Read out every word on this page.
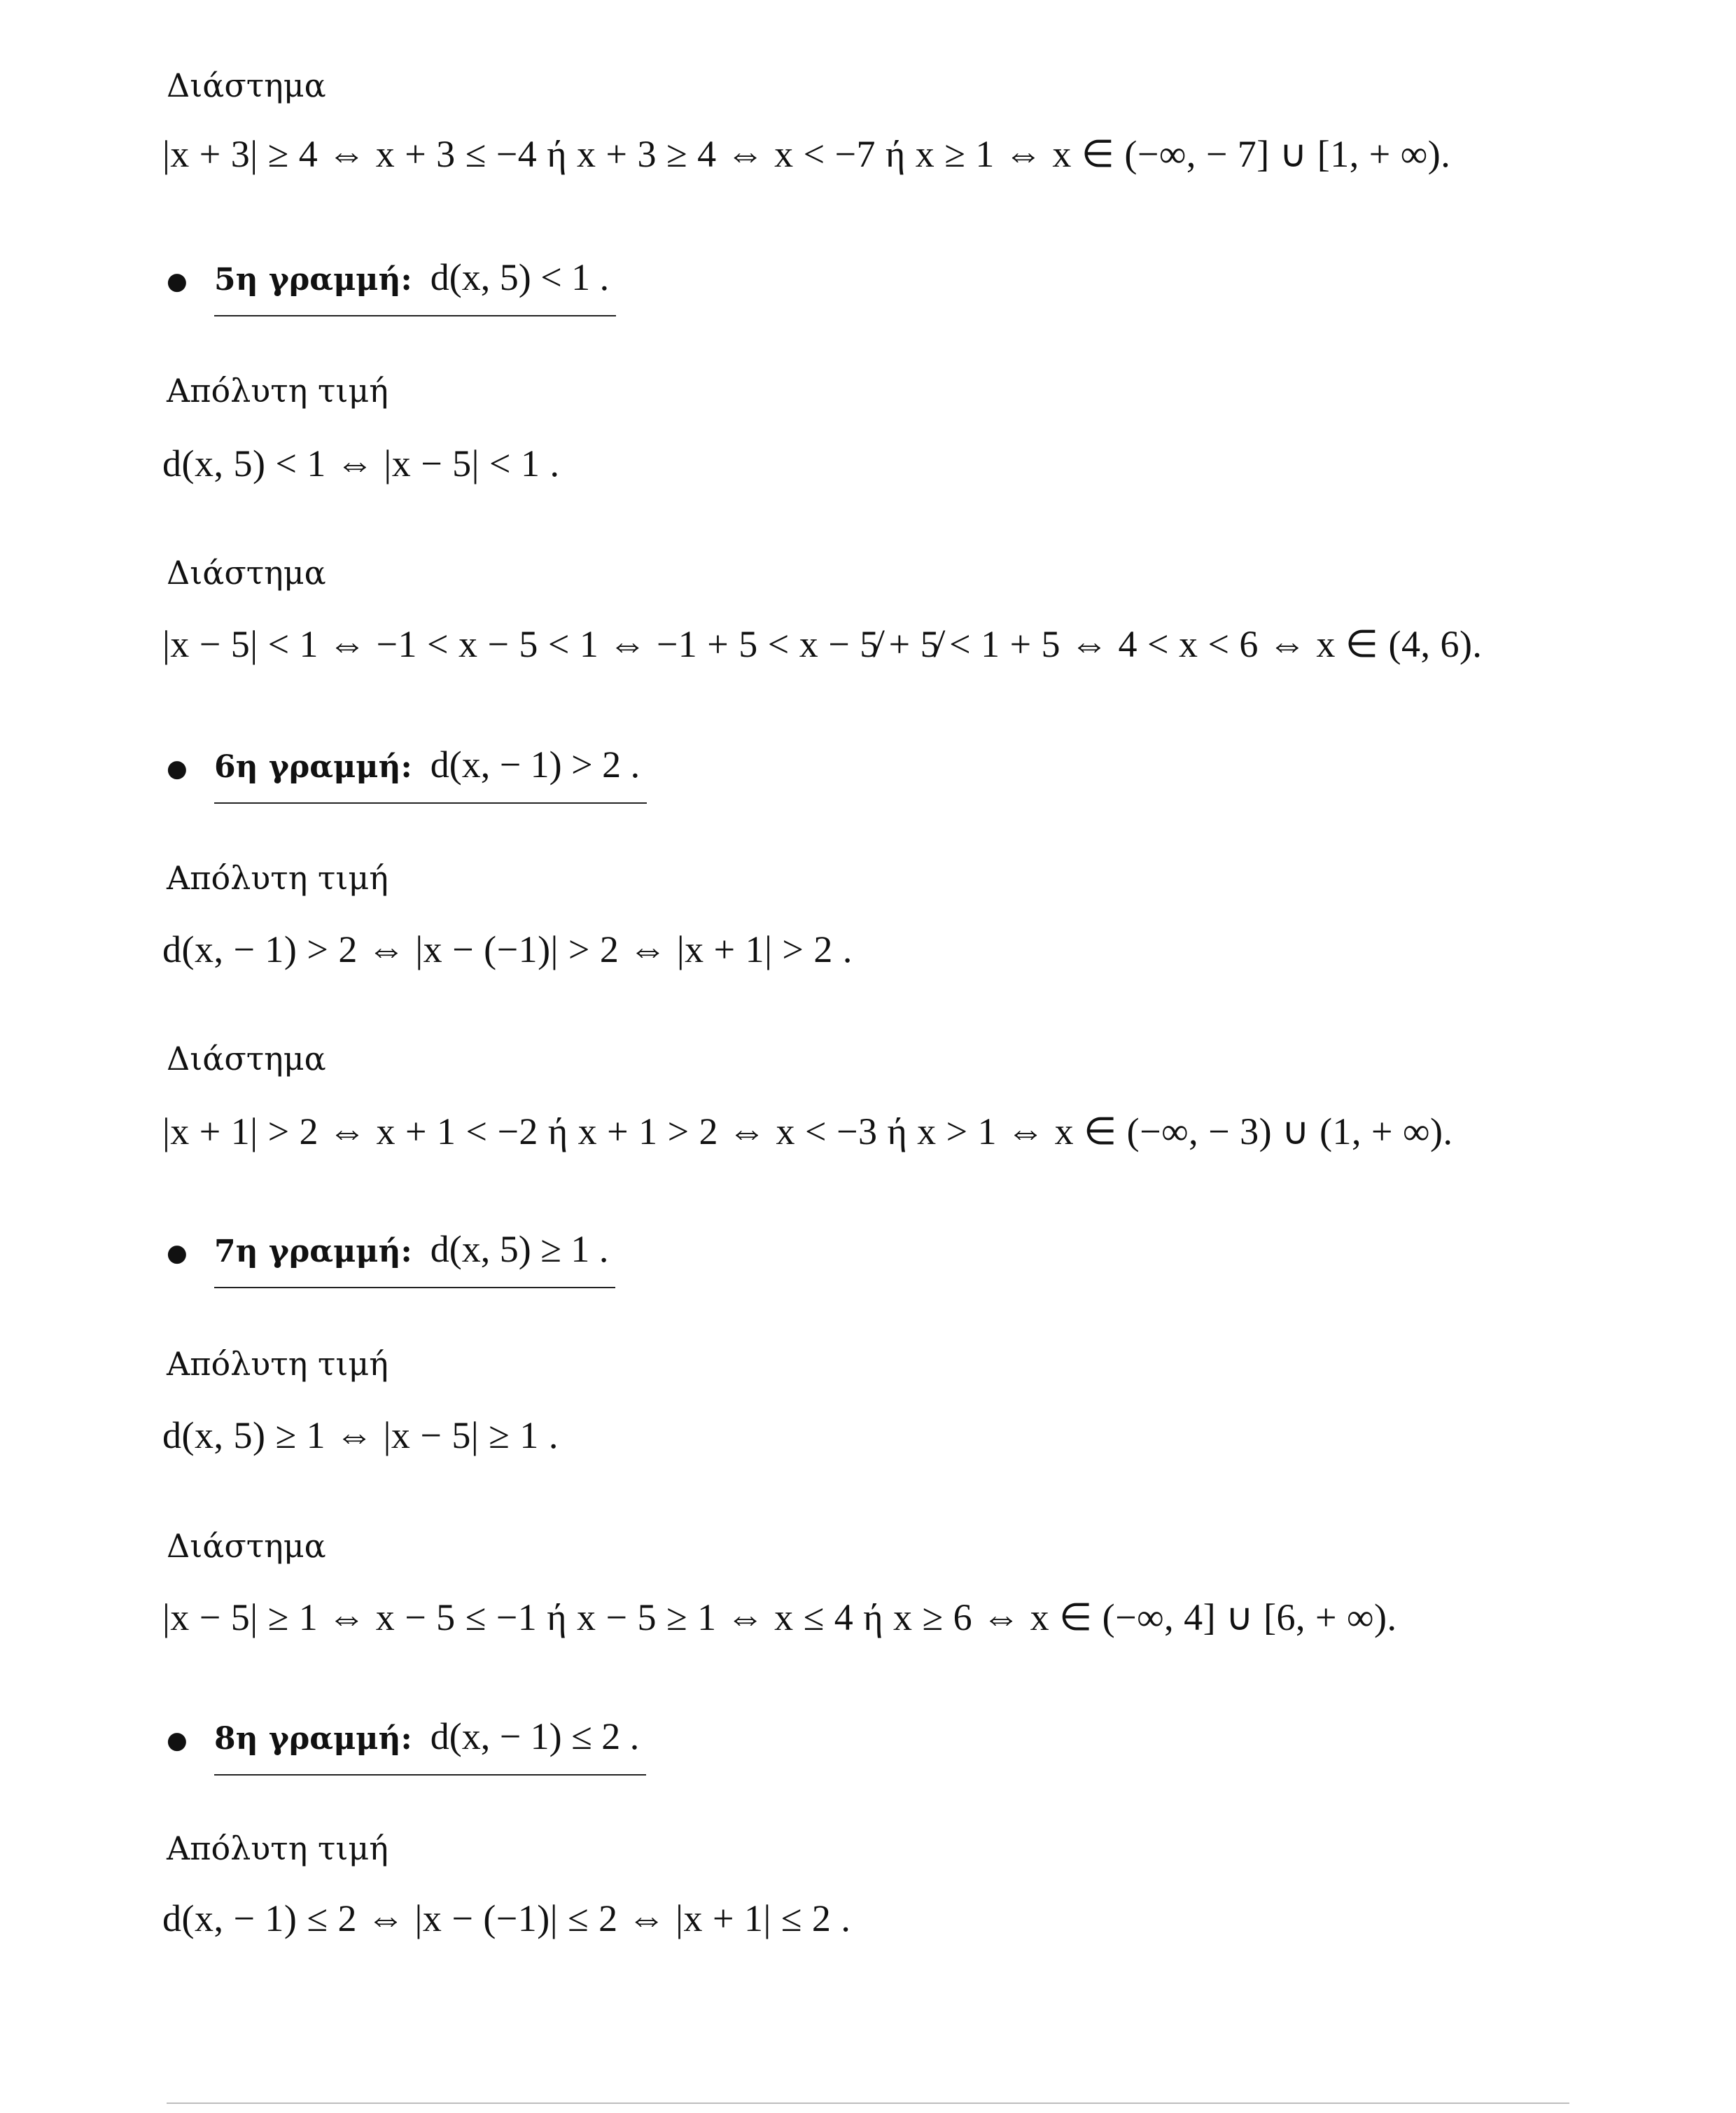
Διάστημα
|x + 3| ≥ 4 ⇔ x + 3 ≤ −4 ή x + 3 ≥ 4 ⇔ x < −7 ή x ≥ 1 ⇔ x ∈ (−∞, − 7] ∪ [1, + ∞).
● 5η γραμμή: d(x, 5) < 1 .
Απόλυτη τιμή
d(x, 5) < 1 ⇔ |x − 5| < 1 .
Διάστημα
|x − 5| < 1 ⇔ −1 < x − 5 < 1 ⇔ −1 + 5 < x − 5̸ + 5̸ < 1 + 5 ⇔ 4 < x < 6 ⇔ x ∈ (4, 6).
● 6η γραμμή: d(x, − 1) > 2 .
Απόλυτη τιμή
d(x, − 1) > 2 ⇔ |x − (−1)| > 2 ⇔ |x + 1| > 2 .
Διάστημα
|x + 1| > 2 ⇔ x + 1 < −2 ή x + 1 > 2 ⇔ x < −3 ή x > 1 ⇔ x ∈ (−∞, − 3) ∪ (1, + ∞).
● 7η γραμμή: d(x, 5) ≥ 1 .
Απόλυτη τιμή
d(x, 5) ≥ 1 ⇔ |x − 5| ≥ 1 .
Διάστημα
|x − 5| ≥ 1 ⇔ x − 5 ≤ −1 ή x − 5 ≥ 1 ⇔ x ≤ 4 ή x ≥ 6 ⇔ x ∈ (−∞, 4] ∪ [6, + ∞).
● 8η γραμμή: d(x, − 1) ≤ 2 .
Απόλυτη τιμή
d(x, − 1) ≤ 2 ⇔ |x − (−1)| ≤ 2 ⇔ |x + 1| ≤ 2 .
